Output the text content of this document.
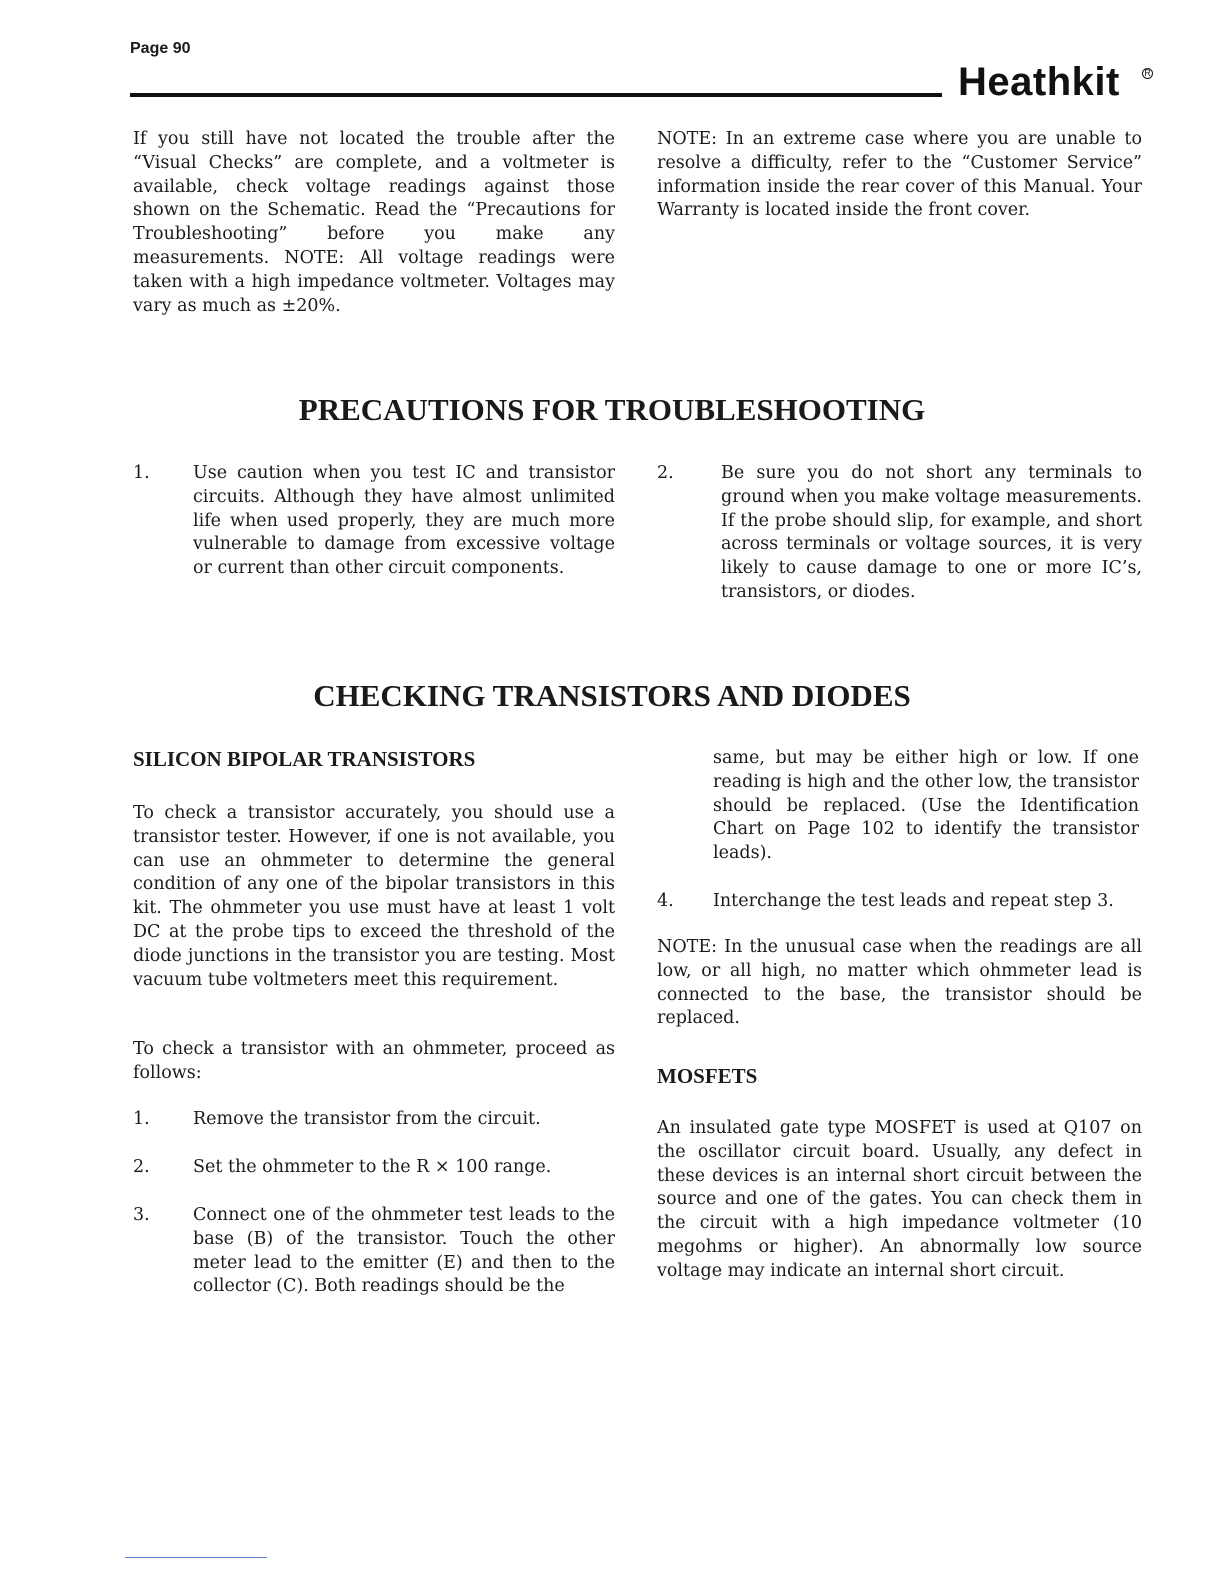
Page 90
Heathkit	R

If you still have not located the trouble after the “Visual Checks” are complete, and a voltmeter is available, check voltage readings against those shown on the Schematic. Read the “Precautions for Troubleshooting” before you make any measurements. NOTE: All voltage readings were taken with a high impedance voltmeter. Voltages may vary as much as ±20%.

NOTE: In an extreme case where you are unable to resolve a difficulty, refer to the “Customer Service” information inside the rear cover of this Manual. Your Warranty is located inside the front cover.

PRECAUTIONS FOR TROUBLESHOOTING
1.	Use caution when you test IC and transistor circuits. Although they have almost unlimited life when used properly, they are much more vulnerable to damage from excessive voltage or current than other circuit components.

2.	Be sure you do not short any terminals to ground when you make voltage measurements. If the probe should slip, for example, and short across terminals or voltage sources, it is very likely to cause damage to one or more IC’s, transistors, or diodes.

CHECKING TRANSISTORS AND DIODES
SILICON BIPOLAR TRANSISTORS

To check a transistor accurately, you should use a transistor tester. However, if one is not available, you can use an ohmmeter to determine the general condition of any one of the bipolar transistors in this kit. The ohmmeter you use must have at least 1 volt DC at the probe tips to exceed the threshold of the diode junctions in the transistor you are testing. Most vacuum tube voltmeters meet this requirement.

To check a transistor with an ohmmeter, proceed as follows:

1.	Remove the transistor from the circuit.

2.	Set the ohmmeter to the R × 100 range.

3.	Connect one of the ohmmeter test leads to the base (B) of the transistor. Touch the other meter lead to the emitter (E) and then to the collector (C). Both readings should be the

same, but may be either high or low. If one reading is high and the other low, the transistor should be replaced. (Use the Identification Chart on Page 102 to identify the transistor leads).

4.	Interchange the test leads and repeat step 3.

NOTE: In the unusual case when the readings are all low, or all high, no matter which ohmmeter lead is connected to the base, the transistor should be replaced.

MOSFETS

An insulated gate type MOSFET is used at Q107 on the oscillator circuit board. Usually, any defect in these devices is an internal short circuit between the source and one of the gates. You can check them in the circuit with a high impedance voltmeter (10 megohms or higher). An abnormally low source voltage may indicate an internal short circuit.
